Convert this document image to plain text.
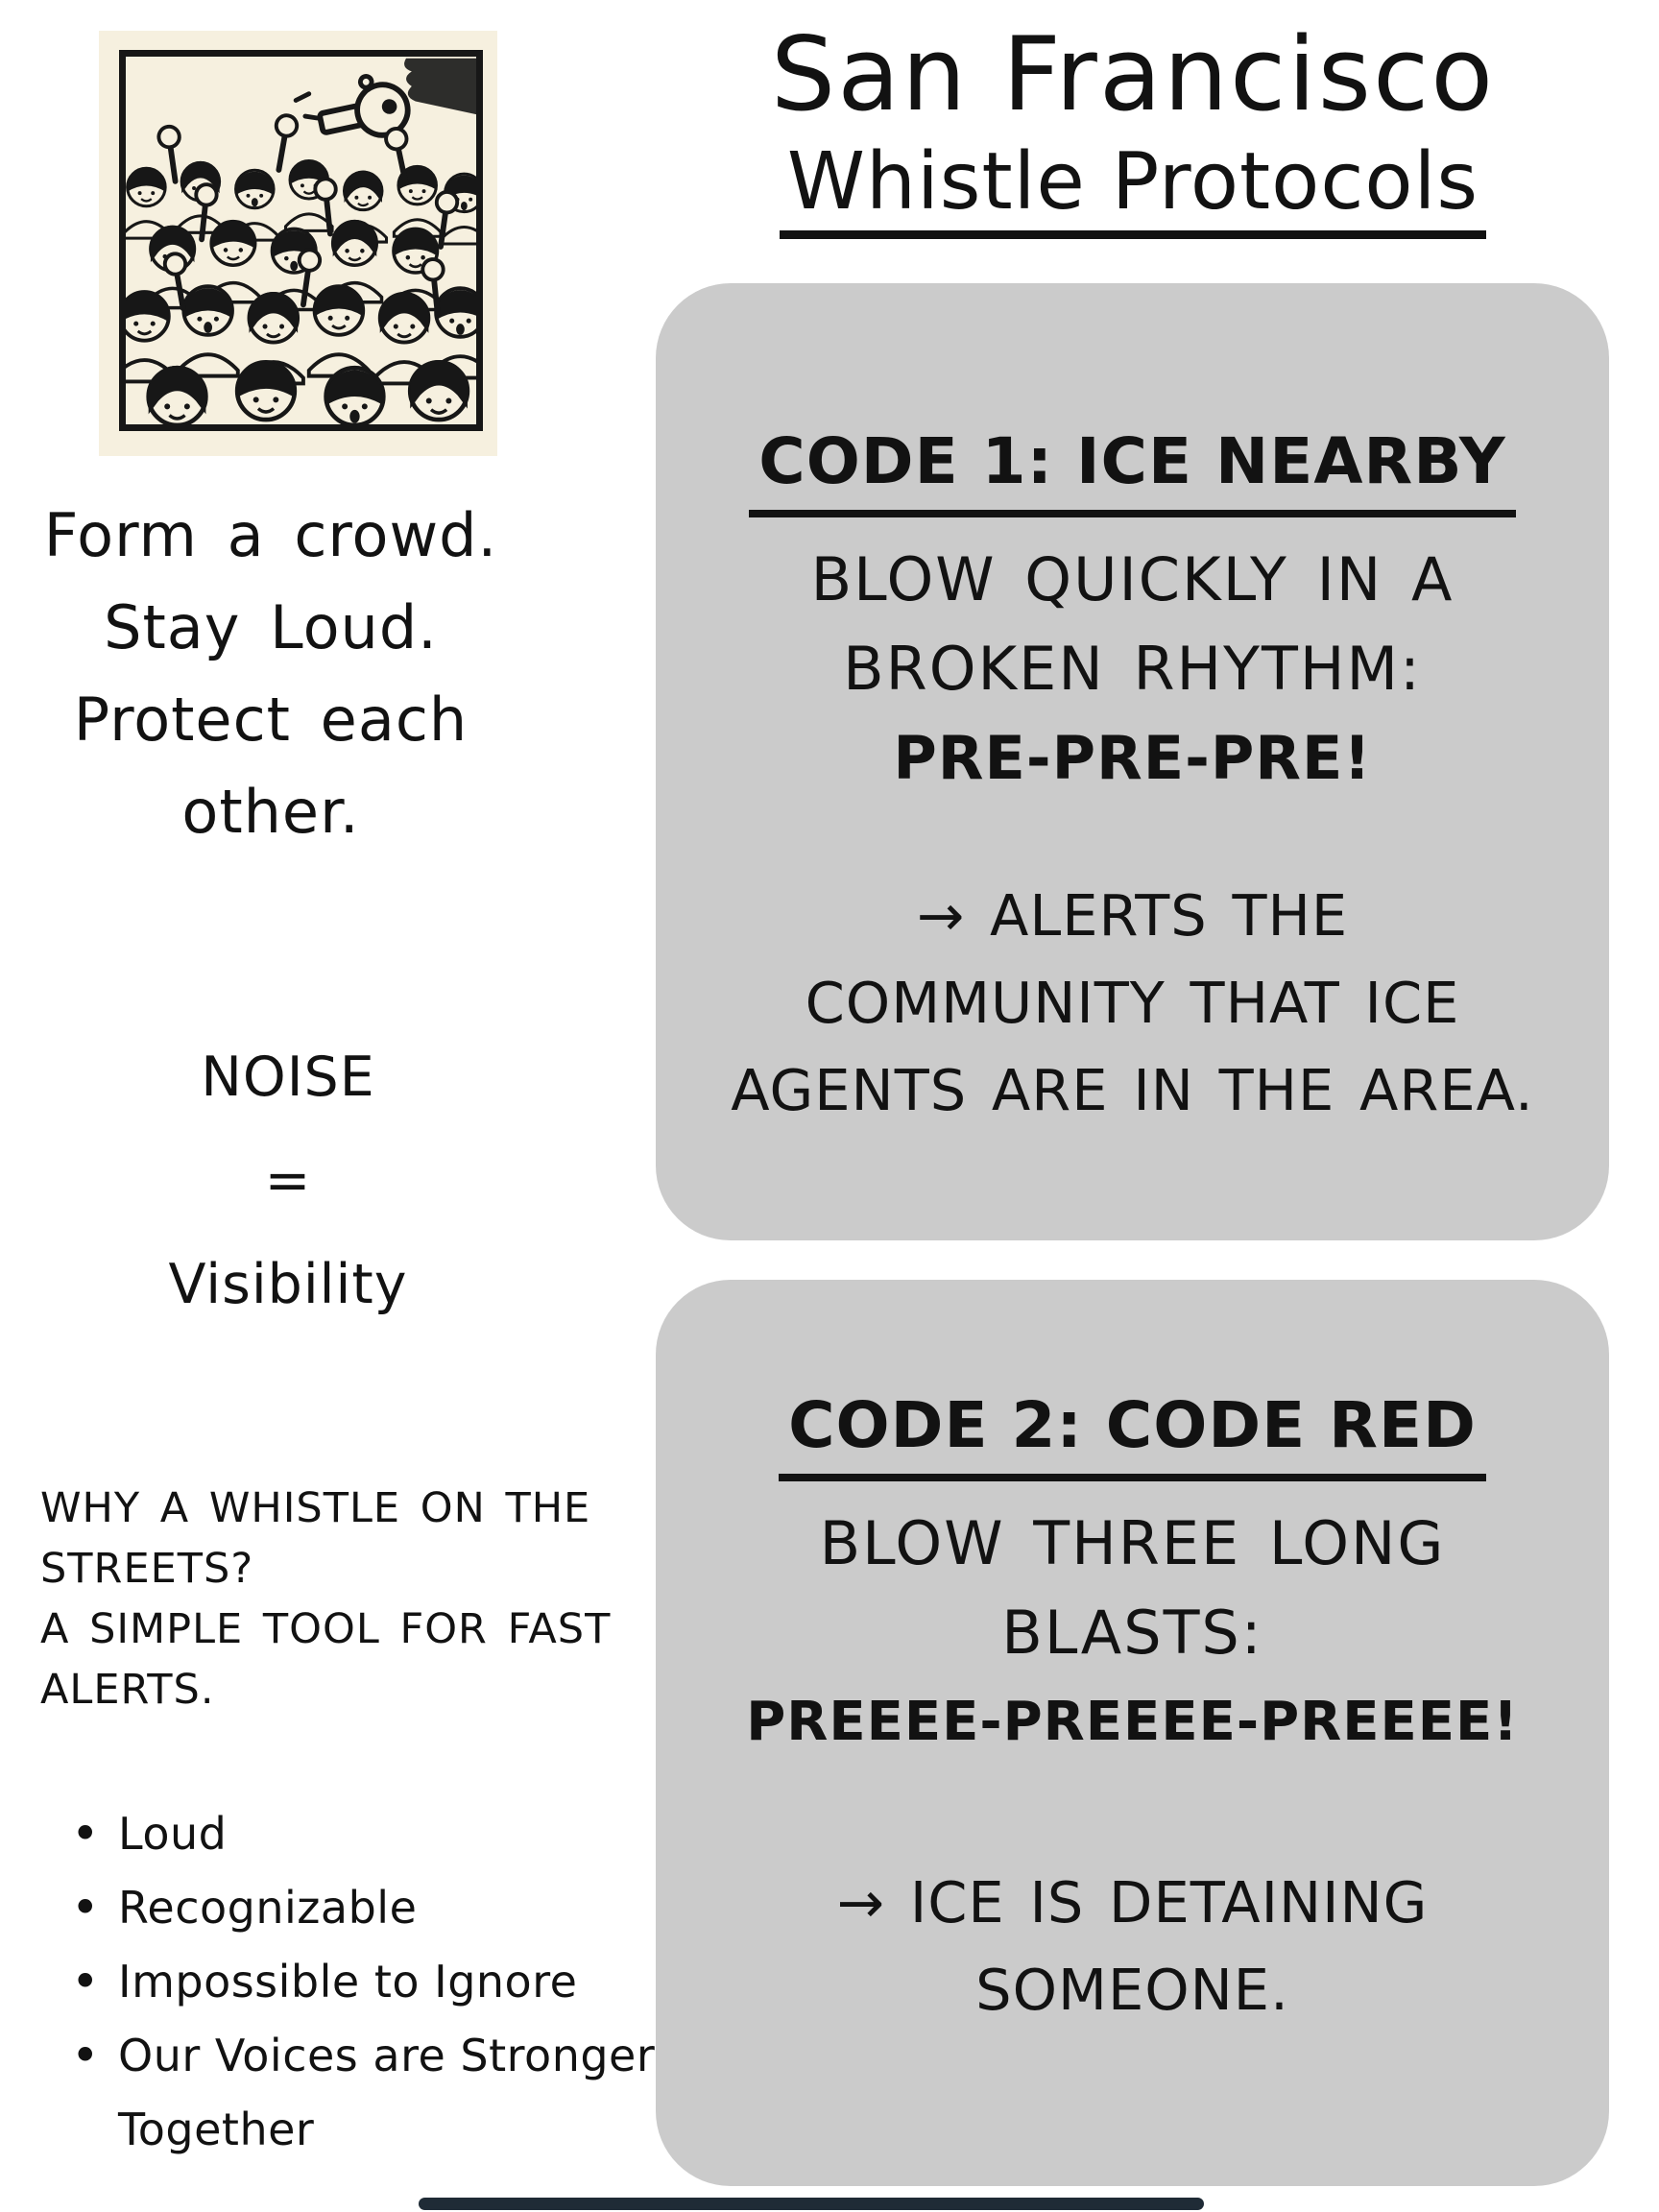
Form a crowd.
Stay Loud.
Protect each
other.
NOISE
=
Visibility
WHY A WHISTLE ON THE
STREETS?
A SIMPLE TOOL FOR FAST
ALERTS.
• Loud
• Recognizable
• Impossible to Ignore
• Our Voices are Stronger Together
San Francisco
Whistle Protocols
CODE 1: ICE NEARBY
BLOW QUICKLY IN A
BROKEN RHYTHM:
PRE-PRE-PRE!
→ ALERTS THE
COMMUNITY THAT ICE
AGENTS ARE IN THE AREA.
CODE 2: CODE RED
BLOW THREE LONG
BLASTS:
PREEEE-PREEEE-PREEEE!
→ ICE IS DETAINING
SOMEONE.
